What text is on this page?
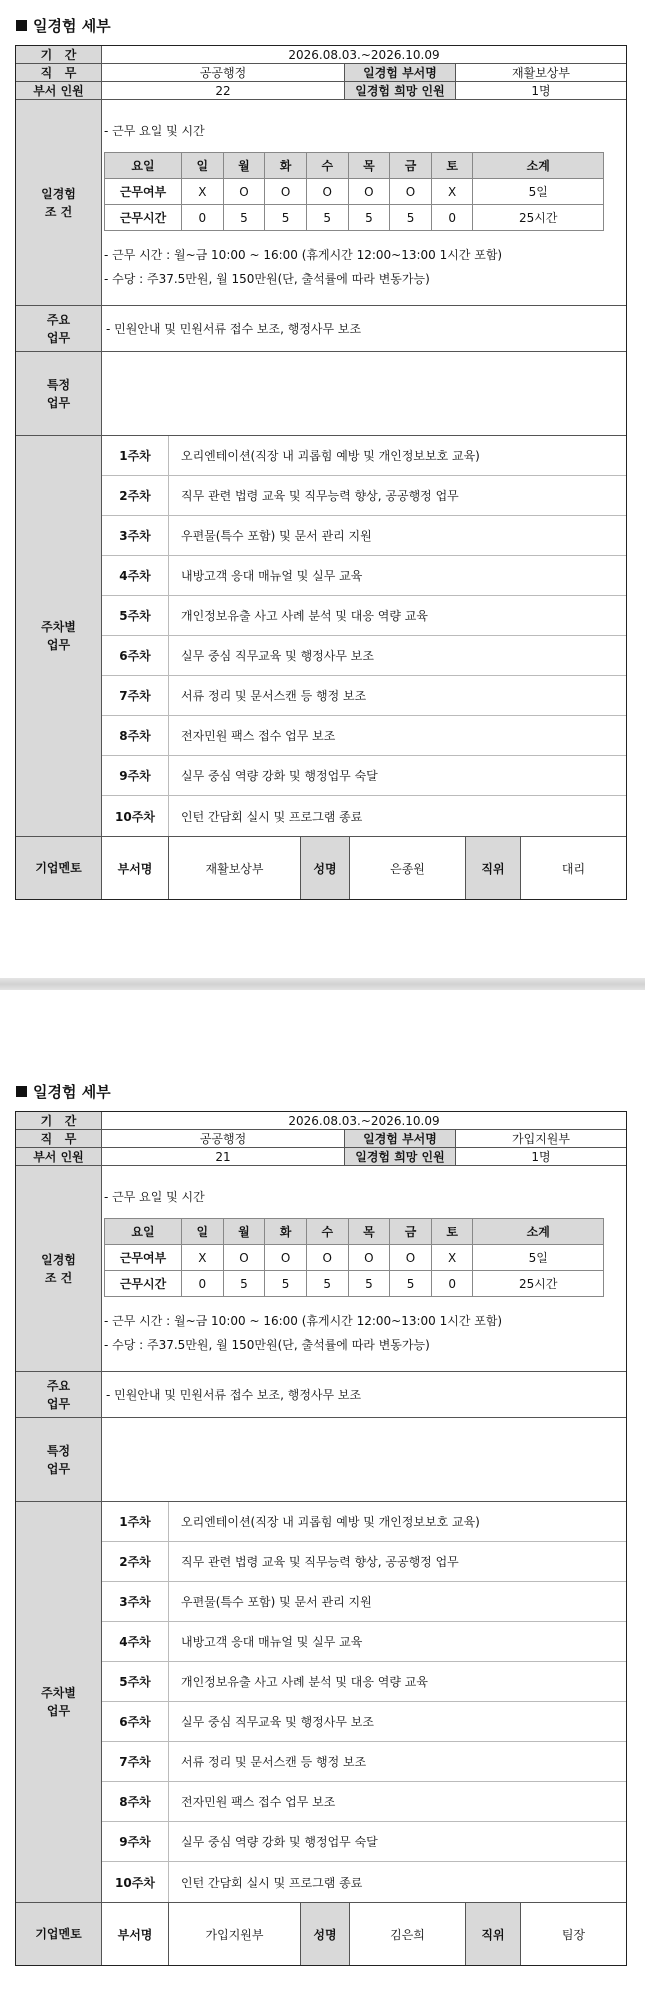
일경험 세부
기   간	2026.08.03.~2026.10.09
직   무	공공행정	일경험 부서명	재활보상부
부서 인원	22	일경험 희망 인원	1명
일경험
조 건
- 근무 요일 및 시간
요일	일	월	화	수	목	금	토	소계
근무여부	X	O	O	O	O	O	X	5일
근무시간	0	5	5	5	5	5	0	25시간
- 근무 시간 : 월~금 10:00 ~ 16:00 (휴게시간 12:00~13:00 1시간 포함)
- 수당 : 주37.5만원, 월 150만원(단, 출석률에 따라 변동가능)
주요
업무
- 민원안내 및 민원서류 접수 보조, 행정사무 보조
특정
업무
주차별
업무
1주차	오리엔테이션(직장 내 괴롭힘 예방 및 개인정보보호 교육)
2주차	직무 관련 법령 교육 및 직무능력 향상, 공공행정 업무
3주차	우편물(특수 포함) 및 문서 관리 지원
4주차	내방고객 응대 매뉴얼 및 실무 교육
5주차	개인정보유출 사고 사례 분석 및 대응 역량 교육
6주차	실무 중심 직무교육 및 행정사무 보조
7주차	서류 정리 및 문서스캔 등 행정 보조
8주차	전자민원 팩스 접수 업무 보조
9주차	실무 중심 역량 강화 및 행정업무 숙달
10주차	인턴 간담회 실시 및 프로그램 종료
기업멘토	부서명	재활보상부	성명	은종원	직위	대리
일경험 세부
기   간	2026.08.03.~2026.10.09
직   무	공공행정	일경험 부서명	가입지원부
부서 인원	21	일경험 희망 인원	1명
일경험
조 건
- 근무 요일 및 시간
요일	일	월	화	수	목	금	토	소계
근무여부	X	O	O	O	O	O	X	5일
근무시간	0	5	5	5	5	5	0	25시간
- 근무 시간 : 월~금 10:00 ~ 16:00 (휴게시간 12:00~13:00 1시간 포함)
- 수당 : 주37.5만원, 월 150만원(단, 출석률에 따라 변동가능)
주요
업무
- 민원안내 및 민원서류 접수 보조, 행정사무 보조
특정
업무
주차별
업무
1주차	오리엔테이션(직장 내 괴롭힘 예방 및 개인정보보호 교육)
2주차	직무 관련 법령 교육 및 직무능력 향상, 공공행정 업무
3주차	우편물(특수 포함) 및 문서 관리 지원
4주차	내방고객 응대 매뉴얼 및 실무 교육
5주차	개인정보유출 사고 사례 분석 및 대응 역량 교육
6주차	실무 중심 직무교육 및 행정사무 보조
7주차	서류 정리 및 문서스캔 등 행정 보조
8주차	전자민원 팩스 접수 업무 보조
9주차	실무 중심 역량 강화 및 행정업무 숙달
10주차	인턴 간담회 실시 및 프로그램 종료
기업멘토	부서명	가입지원부	성명	김은희	직위	팀장
